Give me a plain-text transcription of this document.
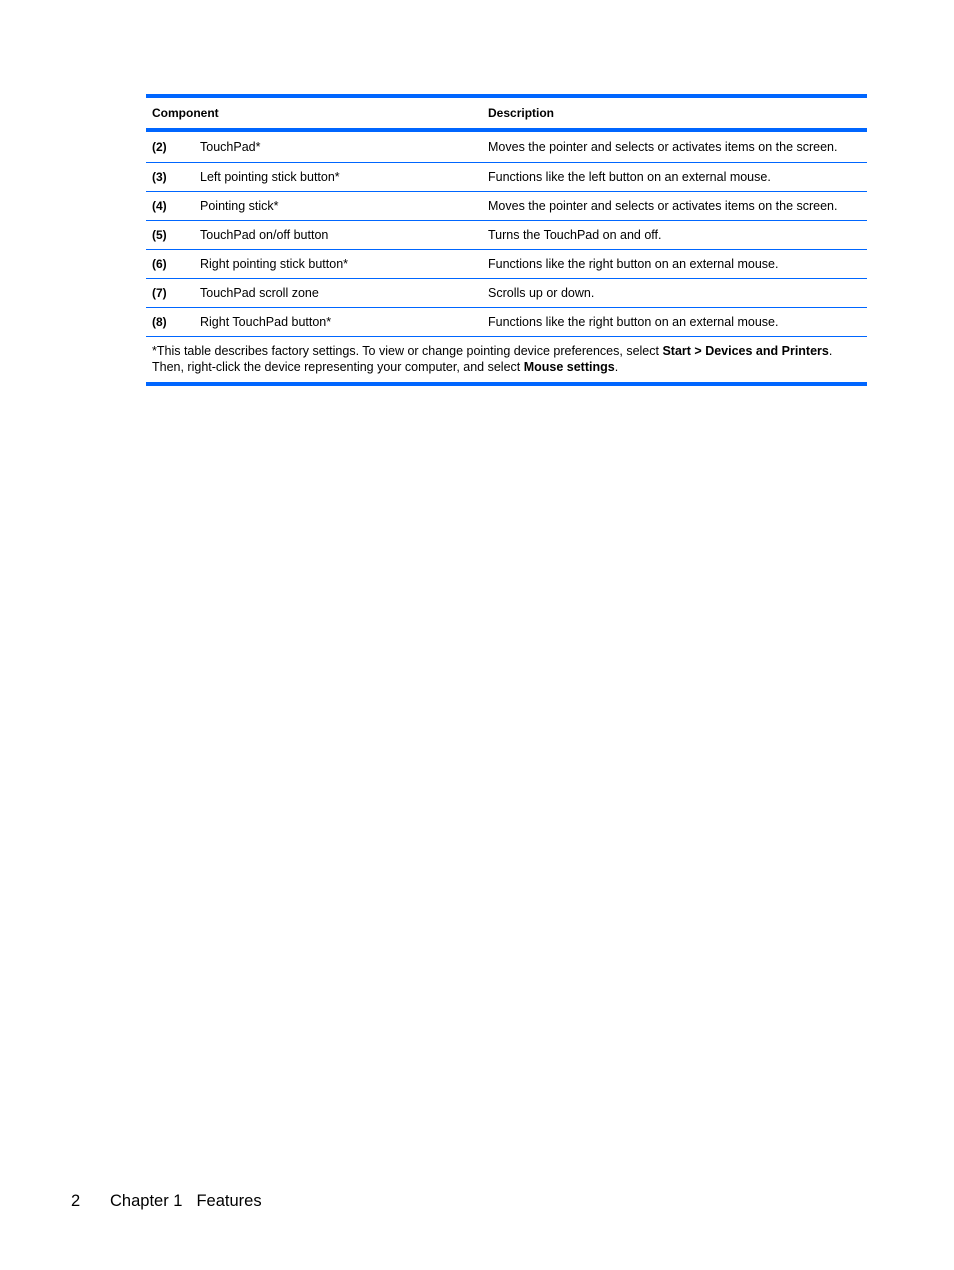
Component	Description
(2)	TouchPad*	Moves the pointer and selects or activates items on the screen.
(3)	Left pointing stick button*	Functions like the left button on an external mouse.
(4)	Pointing stick*	Moves the pointer and selects or activates items on the screen.
(5)	TouchPad on/off button	Turns the TouchPad on and off.
(6)	Right pointing stick button*	Functions like the right button on an external mouse.
(7)	TouchPad scroll zone	Scrolls up or down.
(8)	Right TouchPad button*	Functions like the right button on an external mouse.
*This table describes factory settings. To view or change pointing device preferences, select Start > Devices and Printers. Then, right-click the device representing your computer, and select Mouse settings.
2	Chapter 1 Features
